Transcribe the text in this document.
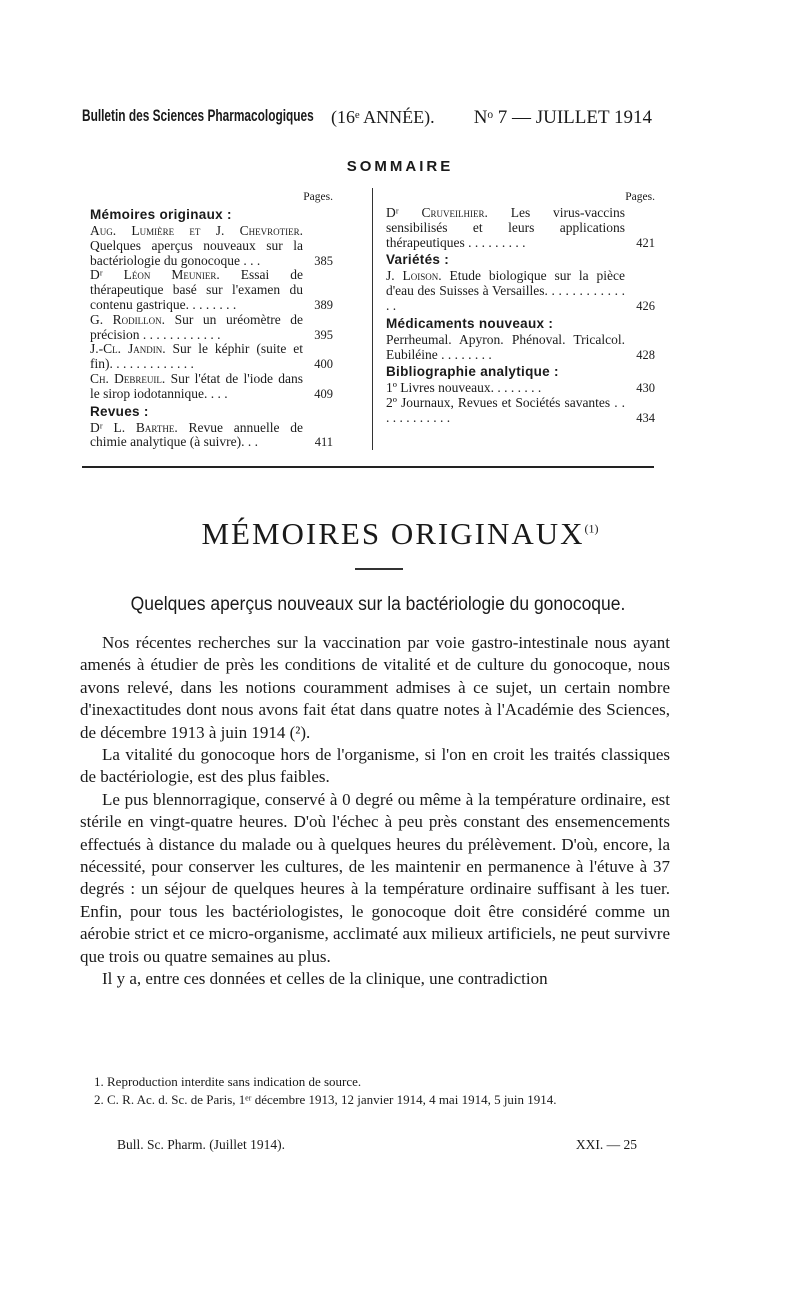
Bulletin des Sciences Pharmacologiques (16ᵉ ANNÉE). Nᵒ 7 — JUILLET 1914
SOMMAIRE
Pages.
Mémoires originaux :
Aug. Lumière et J. Chevrotier. Quelques aperçus nouveaux sur la bactériologie du gonocoque . . .	385
Dʳ Léon Meunier. Essai de thérapeutique basé sur l'examen du contenu gastrique. . . . . . . .	389
G. Rodillon. Sur un uréomètre de précision . . . . . . . . . . . .	395
J.-Cl. Jandin. Sur le képhir (suite et fin). . . . . . . . . . . . .	400
Ch. Debreuil. Sur l'état de l'iode dans le sirop iodotannique. . . .	409
Revues :
Dʳ L. Barthe. Revue annuelle de chimie analytique (à suivre). . .	411
Pages.
Dʳ Cruveilhier. Les virus-vaccins sensibilisés et leurs applications thérapeutiques . . . . . . . . .	421
Variétés :
J. Loison. Etude biologique sur la pièce d'eau des Suisses à Versailles. . . . . . . . . . . . . .	426
Médicaments nouveaux :
Perrheumal. Apyron. Phénoval. Tricalcol. Eubiléine . . . . . . . .	428
Bibliographie analytique :
1º Livres nouveaux. . . . . . . .	430
2º Journaux, Revues et Sociétés savantes . . . . . . . . . . . .	434
MÉMOIRES ORIGINAUX$^{(1)}$
Quelques aperçus nouveaux sur la bactériologie du gonocoque.

Nos récentes recherches sur la vaccination par voie gastro-intestinale nous ayant amenés à étudier de près les conditions de vitalité et de culture du gonocoque, nous avons relevé, dans les notions couramment admises à ce sujet, un certain nombre d'inexactitudes dont nous avons fait état dans quatre notes à l'Académie des Sciences, de décembre 1913 à juin 1914 (²).

La vitalité du gonocoque hors de l'organisme, si l'on en croit les traités classiques de bactériologie, est des plus faibles.

Le pus blennorragique, conservé à 0 degré ou même à la température ordinaire, est stérile en vingt-quatre heures. D'où l'échec à peu près constant des ensemencements effectués à distance du malade ou à quelques heures du prélèvement. D'où, encore, la nécessité, pour conserver les cultures, de les maintenir en permanence à l'étuve à 37 degrés : un séjour de quelques heures à la température ordinaire suffisant à les tuer. Enfin, pour tous les bactériologistes, le gonocoque doit être considéré comme un aérobie strict et ce micro-organisme, acclimaté aux milieux artificiels, ne peut survivre que trois ou quatre semaines au plus.

Il y a, entre ces données et celles de la clinique, une contradiction

1. Reproduction interdite sans indication de source.

2. C. R. Ac. d. Sc. de Paris, 1ᵉʳ décembre 1913, 12 janvier 1914, 4 mai 1914, 5 juin 1914.

Bull. Sc. Pharm. (Juillet 1914).	XXI. — 25
